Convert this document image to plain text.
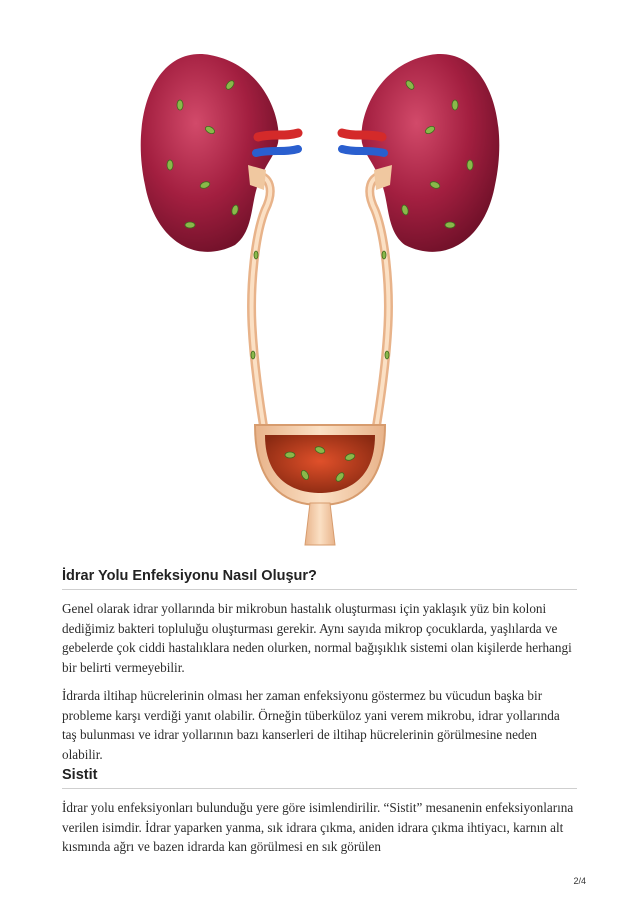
İdrar Yolu Enfeksiyonu Nasıl Oluşur?

Genel olarak idrar yollarında bir mikrobun hastalık oluşturması için yaklaşık yüz bin koloni dediğimiz bakteri topluluğu oluşturması gerekir. Aynı sayıda mikrop çocuklarda, yaşlılarda ve gebelerde çok ciddi hastalıklara neden olurken, normal bağışıklık sistemi olan kişilerde herhangi bir belirti vermeyebilir.

İdrarda iltihap hücrelerinin olması her zaman enfeksiyonu göstermez bu vücudun başka bir probleme karşı verdiği yanıt olabilir. Örneğin tüberküloz yani verem mikrobu, idrar yollarında taş bulunması ve idrar yollarının bazı kanserleri de iltihap hücrelerinin görülmesine neden olabilir.

Sistit

İdrar yolu enfeksiyonları bulunduğu yere göre isimlendirilir. “Sistit” mesanenin enfeksiyonlarına verilen isimdir. İdrar yaparken yanma, sık idrara çıkma, aniden idrara çıkma ihtiyacı, karnın alt kısmında ağrı ve bazen idrarda kan görülmesi en sık görülen

2/4
